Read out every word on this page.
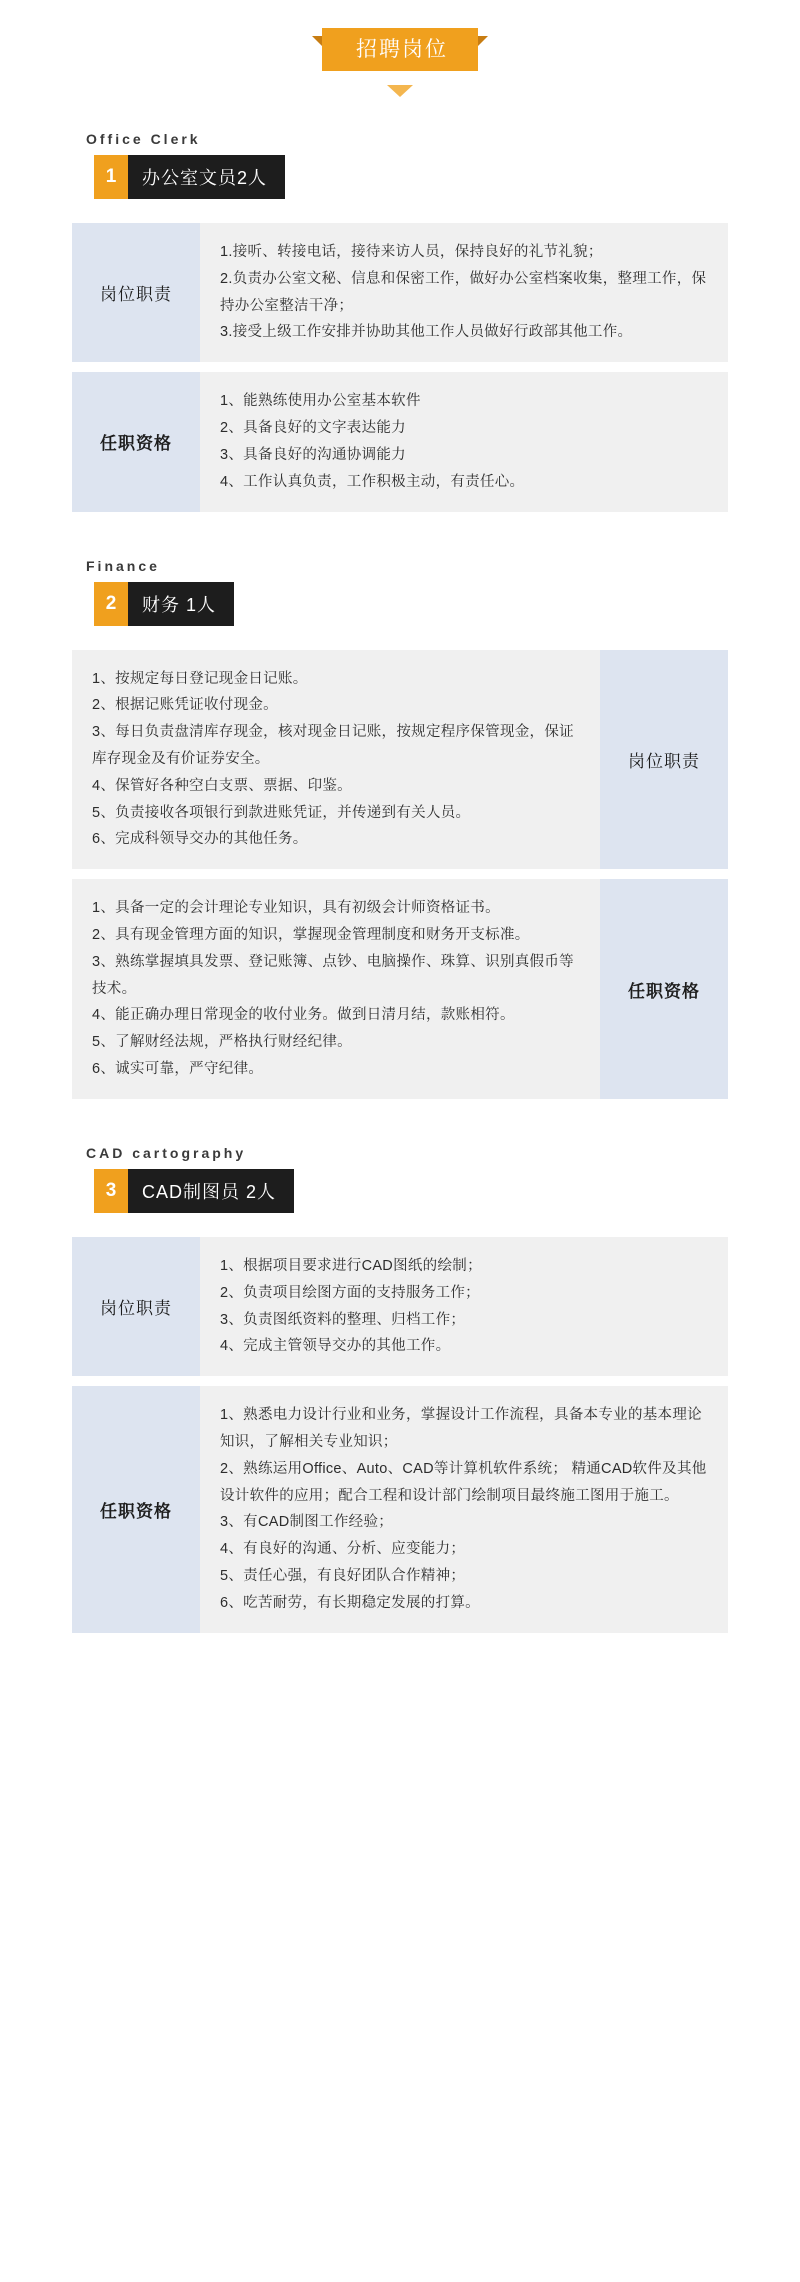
招聘岗位
Office Clerk
1	办公室文员2人
岗位职责

1.接听、转接电话，接待来访人员，保持良好的礼节礼貌；

2.负责办公室文秘、信息和保密工作，做好办公室档案收集，整理工作，保持办公室整洁干净；

3.接受上级工作安排并协助其他工作人员做好行政部其他工作。

任职资格

1、能熟练使用办公室基本软件

2、具备良好的文字表达能力

3、具备良好的沟通协调能力

4、工作认真负责，工作积极主动，有责任心。

Finance
2	财务 1人
岗位职责

1、按规定每日登记现金日记账。

2、根据记账凭证收付现金。

3、每日负责盘清库存现金，核对现金日记账，按规定程序保管现金，保证库存现金及有价证券安全。

4、保管好各种空白支票、票据、印鉴。

5、负责接收各项银行到款进账凭证，并传递到有关人员。

6、完成科领导交办的其他任务。

任职资格

1、具备一定的会计理论专业知识，具有初级会计师资格证书。

2、具有现金管理方面的知识，掌握现金管理制度和财务开支标准。

3、熟练掌握填具发票、登记账簿、点钞、电脑操作、珠算、识别真假币等技术。

4、能正确办理日常现金的收付业务。做到日清月结，款账相符。

5、了解财经法规，严格执行财经纪律。

6、诚实可靠，严守纪律。

CAD cartography
3	CAD制图员 2人
岗位职责

1、根据项目要求进行CAD图纸的绘制；

2、负责项目绘图方面的支持服务工作；

3、负责图纸资料的整理、归档工作；

4、完成主管领导交办的其他工作。

任职资格

1、熟悉电力设计行业和业务，掌握设计工作流程，具备本专业的基本理论知识，了解相关专业知识；

2、熟练运用Office、Auto、CAD等计算机软件系统； 精通CAD软件及其他设计软件的应用；配合工程和设计部门绘制项目最终施工图用于施工。

3、有CAD制图工作经验；

4、有良好的沟通、分析、应变能力；

5、责任心强，有良好团队合作精神；

6、吃苦耐劳，有长期稳定发展的打算。
